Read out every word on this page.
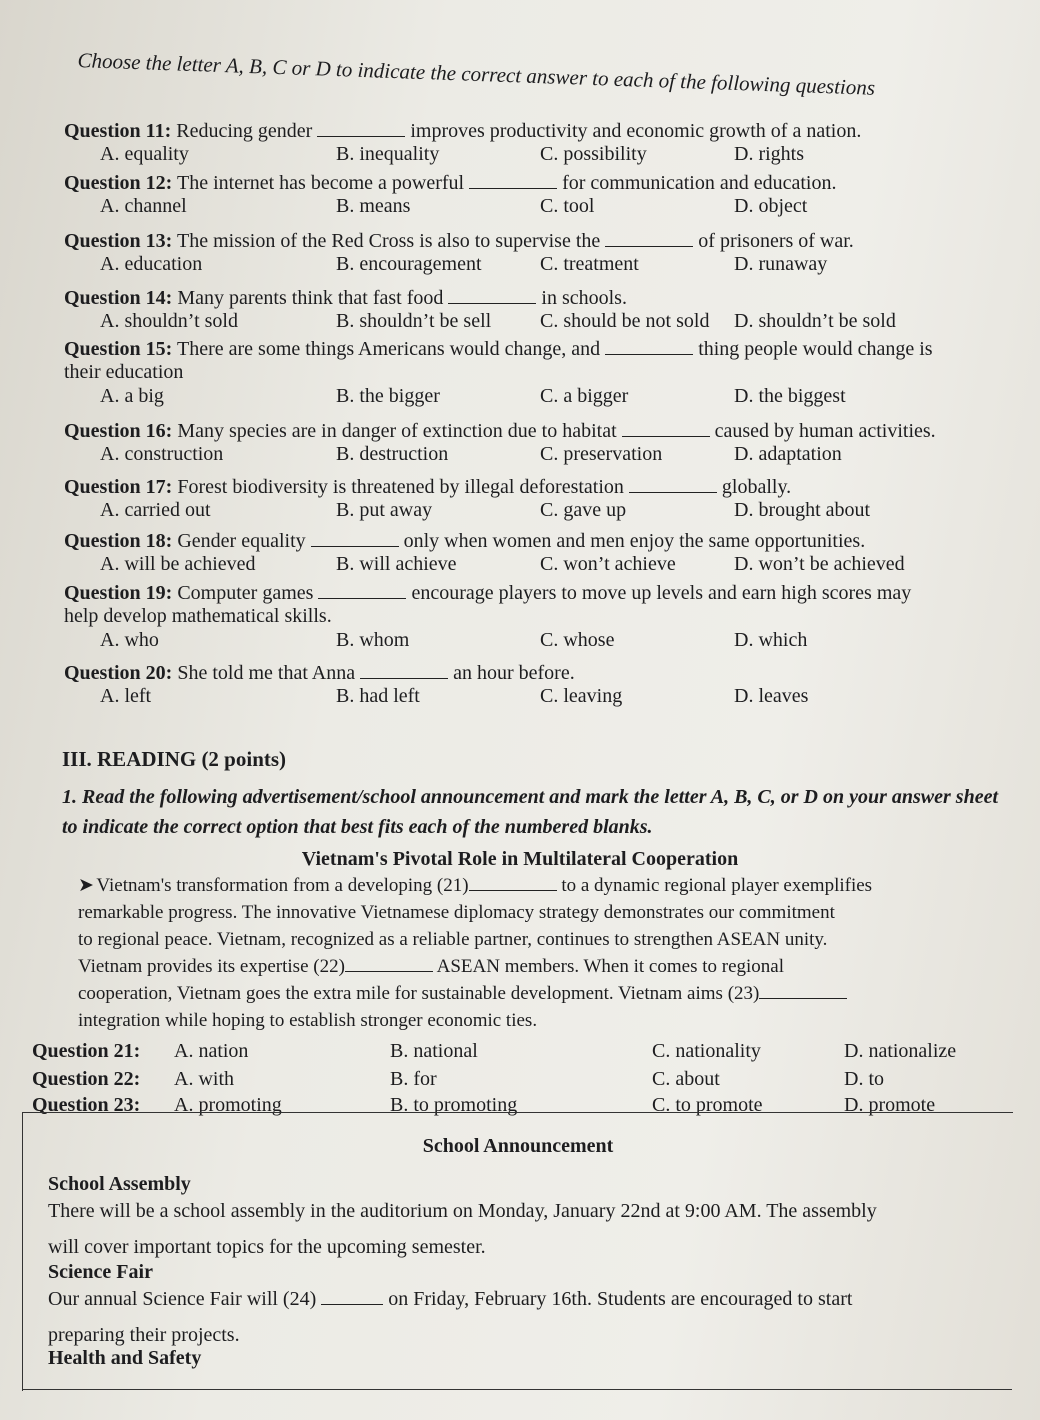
Choose the letter A, B, C or D to indicate the correct answer to each of the following questions
Question 11: Reducing gender	improves productivity and economic growth of a nation.
A. equality	B. inequality	C. possibility	D. rights
Question 12: The internet has become a powerful	for communication and education.
A. channel	B. means	C. tool	D. object
Question 13: The mission of the Red Cross is also to supervise the	of prisoners of war.
A. education	B. encouragement	C. treatment	D. runaway
Question 14: Many parents think that fast food	in schools.
A. shouldn’t sold	B. shouldn’t be sell C. should be not sold D. shouldn’t be sold
Question 15: There are some things Americans would change, and	thing people would change is
their education
A. a big	B. the bigger	C. a bigger	D. the biggest
Question 16: Many species are in danger of extinction due to habitat	caused by human activities.
A. construction	B. destruction	C. preservation	D. adaptation
Question 17: Forest biodiversity is threatened by illegal deforestation	globally.
A. carried out	B. put away	C. gave up	D. brought about
Question 18: Gender equality	only when women and men enjoy the same opportunities.
A. will be achieved	B. will achieve	C. won’t achieve	D. won’t be achieved
Question 19: Computer games	encourage players to move up levels and earn high scores may
help develop mathematical skills.
A. who	B. whom	C. whose	D. which
Question 20: She told me that Anna	an hour before.
A. left	B. had left	C. leaving	D. leaves
III. READING (2 points)
1. Read the following advertisement/school announcement and mark the letter A, B, C, or D on your answer sheet to indicate the correct option that best fits each of the numbered blanks.
Vietnam's Pivotal Role in Multilateral Cooperation

➤ Vietnam's transformation from a developing (21)	to a dynamic regional player exemplifies

remarkable progress. The innovative Vietnamese diplomacy strategy demonstrates our commitment

to regional peace. Vietnam, recognized as a reliable partner, continues to strengthen ASEAN unity.

Vietnam provides its expertise (22)	ASEAN members. When it comes to regional

cooperation, Vietnam goes the extra mile for sustainable development. Vietnam aims (23)

integration while hoping to establish stronger economic ties.

Question 21: A. nation	B. national	C. nationality	D. nationalize
Question 22: A. with	B. for	C. about	D. to
Question 23: A. promoting	B. to promoting	C. to promote	D. promote
School Announcement
School Assembly
There will be a school assembly in the auditorium on Monday, January 22nd at 9:00 AM. The assembly
will cover important topics for the upcoming semester.
Science Fair
Our annual Science Fair will (24)	on Friday, February 16th. Students are encouraged to start
preparing their projects.
Health and Safety
